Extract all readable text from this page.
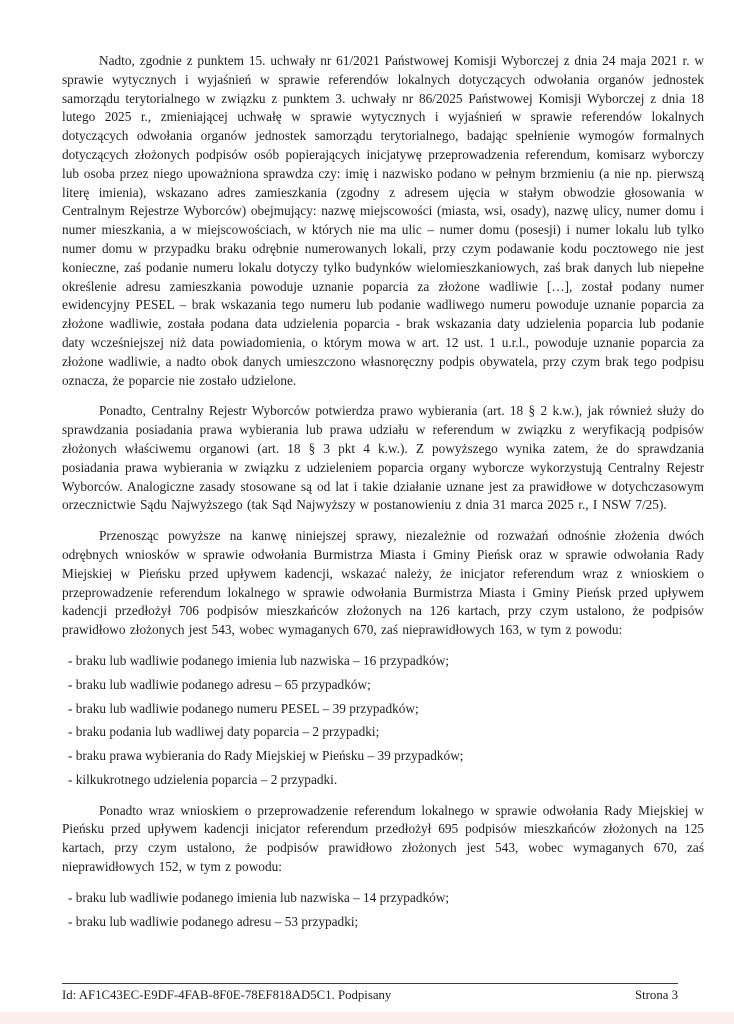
Nadto, zgodnie z punktem 15. uchwały nr 61/2021 Państwowej Komisji Wyborczej z dnia 24 maja 2021 r. w sprawie wytycznych i wyjaśnień w sprawie referendów lokalnych dotyczących odwołania organów jednostek samorządu terytorialnego w związku z punktem 3. uchwały nr 86/2025 Państwowej Komisji Wyborczej z dnia 18 lutego 2025 r., zmieniającej uchwałę w sprawie wytycznych i wyjaśnień w sprawie referendów lokalnych dotyczących odwołania organów jednostek samorządu terytorialnego, badając spełnienie wymogów formalnych dotyczących złożonych podpisów osób popierających inicjatywę przeprowadzenia referendum, komisarz wyborczy lub osoba przez niego upoważniona sprawdza czy: imię i nazwisko podano w pełnym brzmieniu (a nie np. pierwszą literę imienia), wskazano adres zamieszkania (zgodny z adresem ujęcia w stałym obwodzie głosowania w Centralnym Rejestrze Wyborców) obejmujący: nazwę miejscowości (miasta, wsi, osady), nazwę ulicy, numer domu i numer mieszkania, a w miejscowościach, w których nie ma ulic – numer domu (posesji) i numer lokalu lub tylko numer domu w przypadku braku odrębnie numerowanych lokali, przy czym podawanie kodu pocztowego nie jest konieczne, zaś podanie numeru lokalu dotyczy tylko budynków wielomieszkaniowych, zaś brak danych lub niepełne określenie adresu zamieszkania powoduje uznanie poparcia za złożone wadliwie […], został podany numer ewidencyjny PESEL – brak wskazania tego numeru lub podanie wadliwego numeru powoduje uznanie poparcia za złożone wadliwie, została podana data udzielenia poparcia - brak wskazania daty udzielenia poparcia lub podanie daty wcześniejszej niż data powiadomienia, o którym mowa w art. 12 ust. 1 u.r.l., powoduje uznanie poparcia za złożone wadliwie, a nadto obok danych umieszczono własnoręczny podpis obywatela, przy czym brak tego podpisu oznacza, że poparcie nie zostało udzielone.

Ponadto, Centralny Rejestr Wyborców potwierdza prawo wybierania (art. 18 § 2 k.w.), jak również służy do sprawdzania posiadania prawa wybierania lub prawa udziału w referendum w związku z weryfikacją podpisów złożonych właściwemu organowi (art. 18 § 3 pkt 4 k.w.). Z powyższego wynika zatem, że do sprawdzania posiadania prawa wybierania w związku z udzieleniem poparcia organy wyborcze wykorzystują Centralny Rejestr Wyborców. Analogiczne zasady stosowane są od lat i takie działanie uznane jest za prawidłowe w dotychczasowym orzecznictwie Sądu Najwyższego (tak Sąd Najwyższy w postanowieniu z dnia 31 marca 2025 r., I NSW 7/25).

Przenosząc powyższe na kanwę niniejszej sprawy, niezależnie od rozważań odnośnie złożenia dwóch odrębnych wniosków w sprawie odwołania Burmistrza Miasta i Gminy Pieńsk oraz w sprawie odwołania Rady Miejskiej w Pieńsku przed upływem kadencji, wskazać należy, że inicjator referendum wraz z wnioskiem o przeprowadzenie referendum lokalnego w sprawie odwołania Burmistrza Miasta i Gminy Pieńsk przed upływem kadencji przedłożył 706 podpisów mieszkańców złożonych na 126 kartach, przy czym ustalono, że podpisów prawidłowo złożonych jest 543, wobec wymaganych 670, zaś nieprawidłowych 163, w tym z powodu:

- braku lub wadliwie podanego imienia lub nazwiska – 16 przypadków;
- braku lub wadliwie podanego adresu – 65 przypadków;
- braku lub wadliwie podanego numeru PESEL – 39 przypadków;
- braku podania lub wadliwej daty poparcia – 2 przypadki;
- braku prawa wybierania do Rady Miejskiej w Pieńsku – 39 przypadków;
- kilkukrotnego udzielenia poparcia – 2 przypadki.

Ponadto wraz wnioskiem o przeprowadzenie referendum lokalnego w sprawie odwołania Rady Miejskiej w Pieńsku przed upływem kadencji inicjator referendum przedłożył 695 podpisów mieszkańców złożonych na 125 kartach, przy czym ustalono, że podpisów prawidłowo złożonych jest 543, wobec wymaganych 670, zaś nieprawidłowych 152, w tym z powodu:

- braku lub wadliwie podanego imienia lub nazwiska – 14 przypadków;
- braku lub wadliwie podanego adresu – 53 przypadki;
Id: AF1C43EC-E9DF-4FAB-8F0E-78EF818AD5C1. Podpisany	Strona 3
